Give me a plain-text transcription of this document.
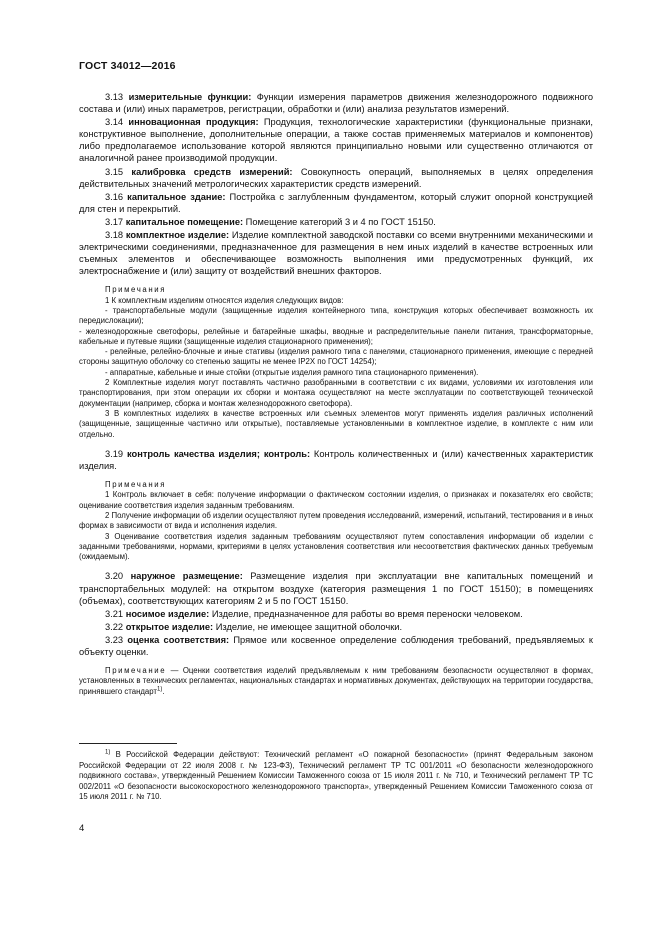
ГОСТ 34012—2016

3.13 измерительные функции: Функции измерения параметров движения железнодорожного подвижного состава и (или) иных параметров, регистрации, обработки и (или) анализа результатов измерений.

3.14 инновационная продукция: Продукция, технологические характеристики (функциональные признаки, конструктивное выполнение, дополнительные операции, а также состав применяемых материалов и компонентов) либо предполагаемое использование которой являются принципиально новыми или существенно отличаются от аналогичной ранее производимой продукции.

3.15 калибровка средств измерений: Совокупность операций, выполняемых в целях определения действительных значений метрологических характеристик средств измерений.

3.16 капитальное здание: Постройка с заглубленным фундаментом, который служит опорной конструкцией для стен и перекрытий.

3.17 капитальное помещение: Помещение категорий 3 и 4 по ГОСТ 15150.

3.18 комплектное изделие: Изделие комплектной заводской поставки со всеми внутренними механическими и электрическими соединениями, предназначенное для размещения в нем иных изделий в качестве встроенных или съемных элементов и обеспечивающее возможность выполнения ими предусмотренных функций, их электроснабжение и (или) защиту от воздействий внешних факторов.

Примечания

1 К комплектным изделиям относятся изделия следующих видов:

- транспортабельные модули (защищенные изделия контейнерного типа, конструкция которых обеспечивает возможность их передислокации);

- железнодорожные светофоры, релейные и батарейные шкафы, вводные и распределительные панели питания, трансформаторные, кабельные и путевые ящики (защищенные изделия стационарного применения);

- релейные, релейно-блочные и иные стативы (изделия рамного типа с панелями, стационарного применения, имеющие с передней стороны защитную оболочку со степенью защиты не менее IP2X по ГОСТ 14254);

- аппаратные, кабельные и иные стойки (открытые изделия рамного типа стационарного применения).

2 Комплектные изделия могут поставлять частично разобранными в соответствии с их видами, условиями их изготовления или транспортирования, при этом операции их сборки и монтажа осуществляют на месте эксплуатации по соответствующей технической документации (например, сборка и монтаж железнодорожного светофора).

3 В комплектных изделиях в качестве встроенных или съемных элементов могут применять изделия различных исполнений (защищенные, защищенные частично или открытые), поставляемые установленными в комплектное изделие, в комплекте с ним или отдельно.

3.19 контроль качества изделия; контроль: Контроль количественных и (или) качественных характеристик изделия.

Примечания

1 Контроль включает в себя: получение информации о фактическом состоянии изделия, о признаках и показателях его свойств; оценивание соответствия изделия заданным требованиям.

2 Получение информации об изделии осуществляют путем проведения исследований, измерений, испытаний, тестирования и в иных формах в зависимости от вида и исполнения изделия.

3 Оценивание соответствия изделия заданным требованиям осуществляют путем сопоставления информации об изделии с заданными требованиями, нормами, критериями в целях установления соответствия или несоответствия фактических данных требуемым (ожидаемым).

3.20 наружное размещение: Размещение изделия при эксплуатации вне капитальных помещений и транспортабельных модулей: на открытом воздухе (категория размещения 1 по ГОСТ 15150); в помещениях (объемах), соответствующих категориям 2 и 5 по ГОСТ 15150.

3.21 носимое изделие: Изделие, предназначенное для работы во время переноски человеком.

3.22 открытое изделие: Изделие, не имеющее защитной оболочки.

3.23 оценка соответствия: Прямое или косвенное определение соблюдения требований, предъявляемых к объекту оценки.

Примечание — Оценки соответствия изделий предъявляемым к ним требованиям безопасности осуществляют в формах, установленных в технических регламентах, национальных стандартах и нормативных документах, действующих на территории государства, принявшего стандарт$^{1)}$.

$^{1)}$ В Российской Федерации действуют: Технический регламент «О пожарной безопасности» (принят Федеральным законом Российской Федерации от 22 июля 2008 г. № 123-ФЗ), Технический регламент ТР ТС 001/2011 «О безопасности железнодорожного подвижного состава», утвержденный Решением Комиссии Таможенного союза от 15 июля 2011 г. № 710, и Технический регламент ТР ТС 002/2011 «О безопасности высокоскоростного железнодорожного транспорта», утвержденный Решением Комиссии Таможенного союза от 15 июля 2011 г. № 710.
4
